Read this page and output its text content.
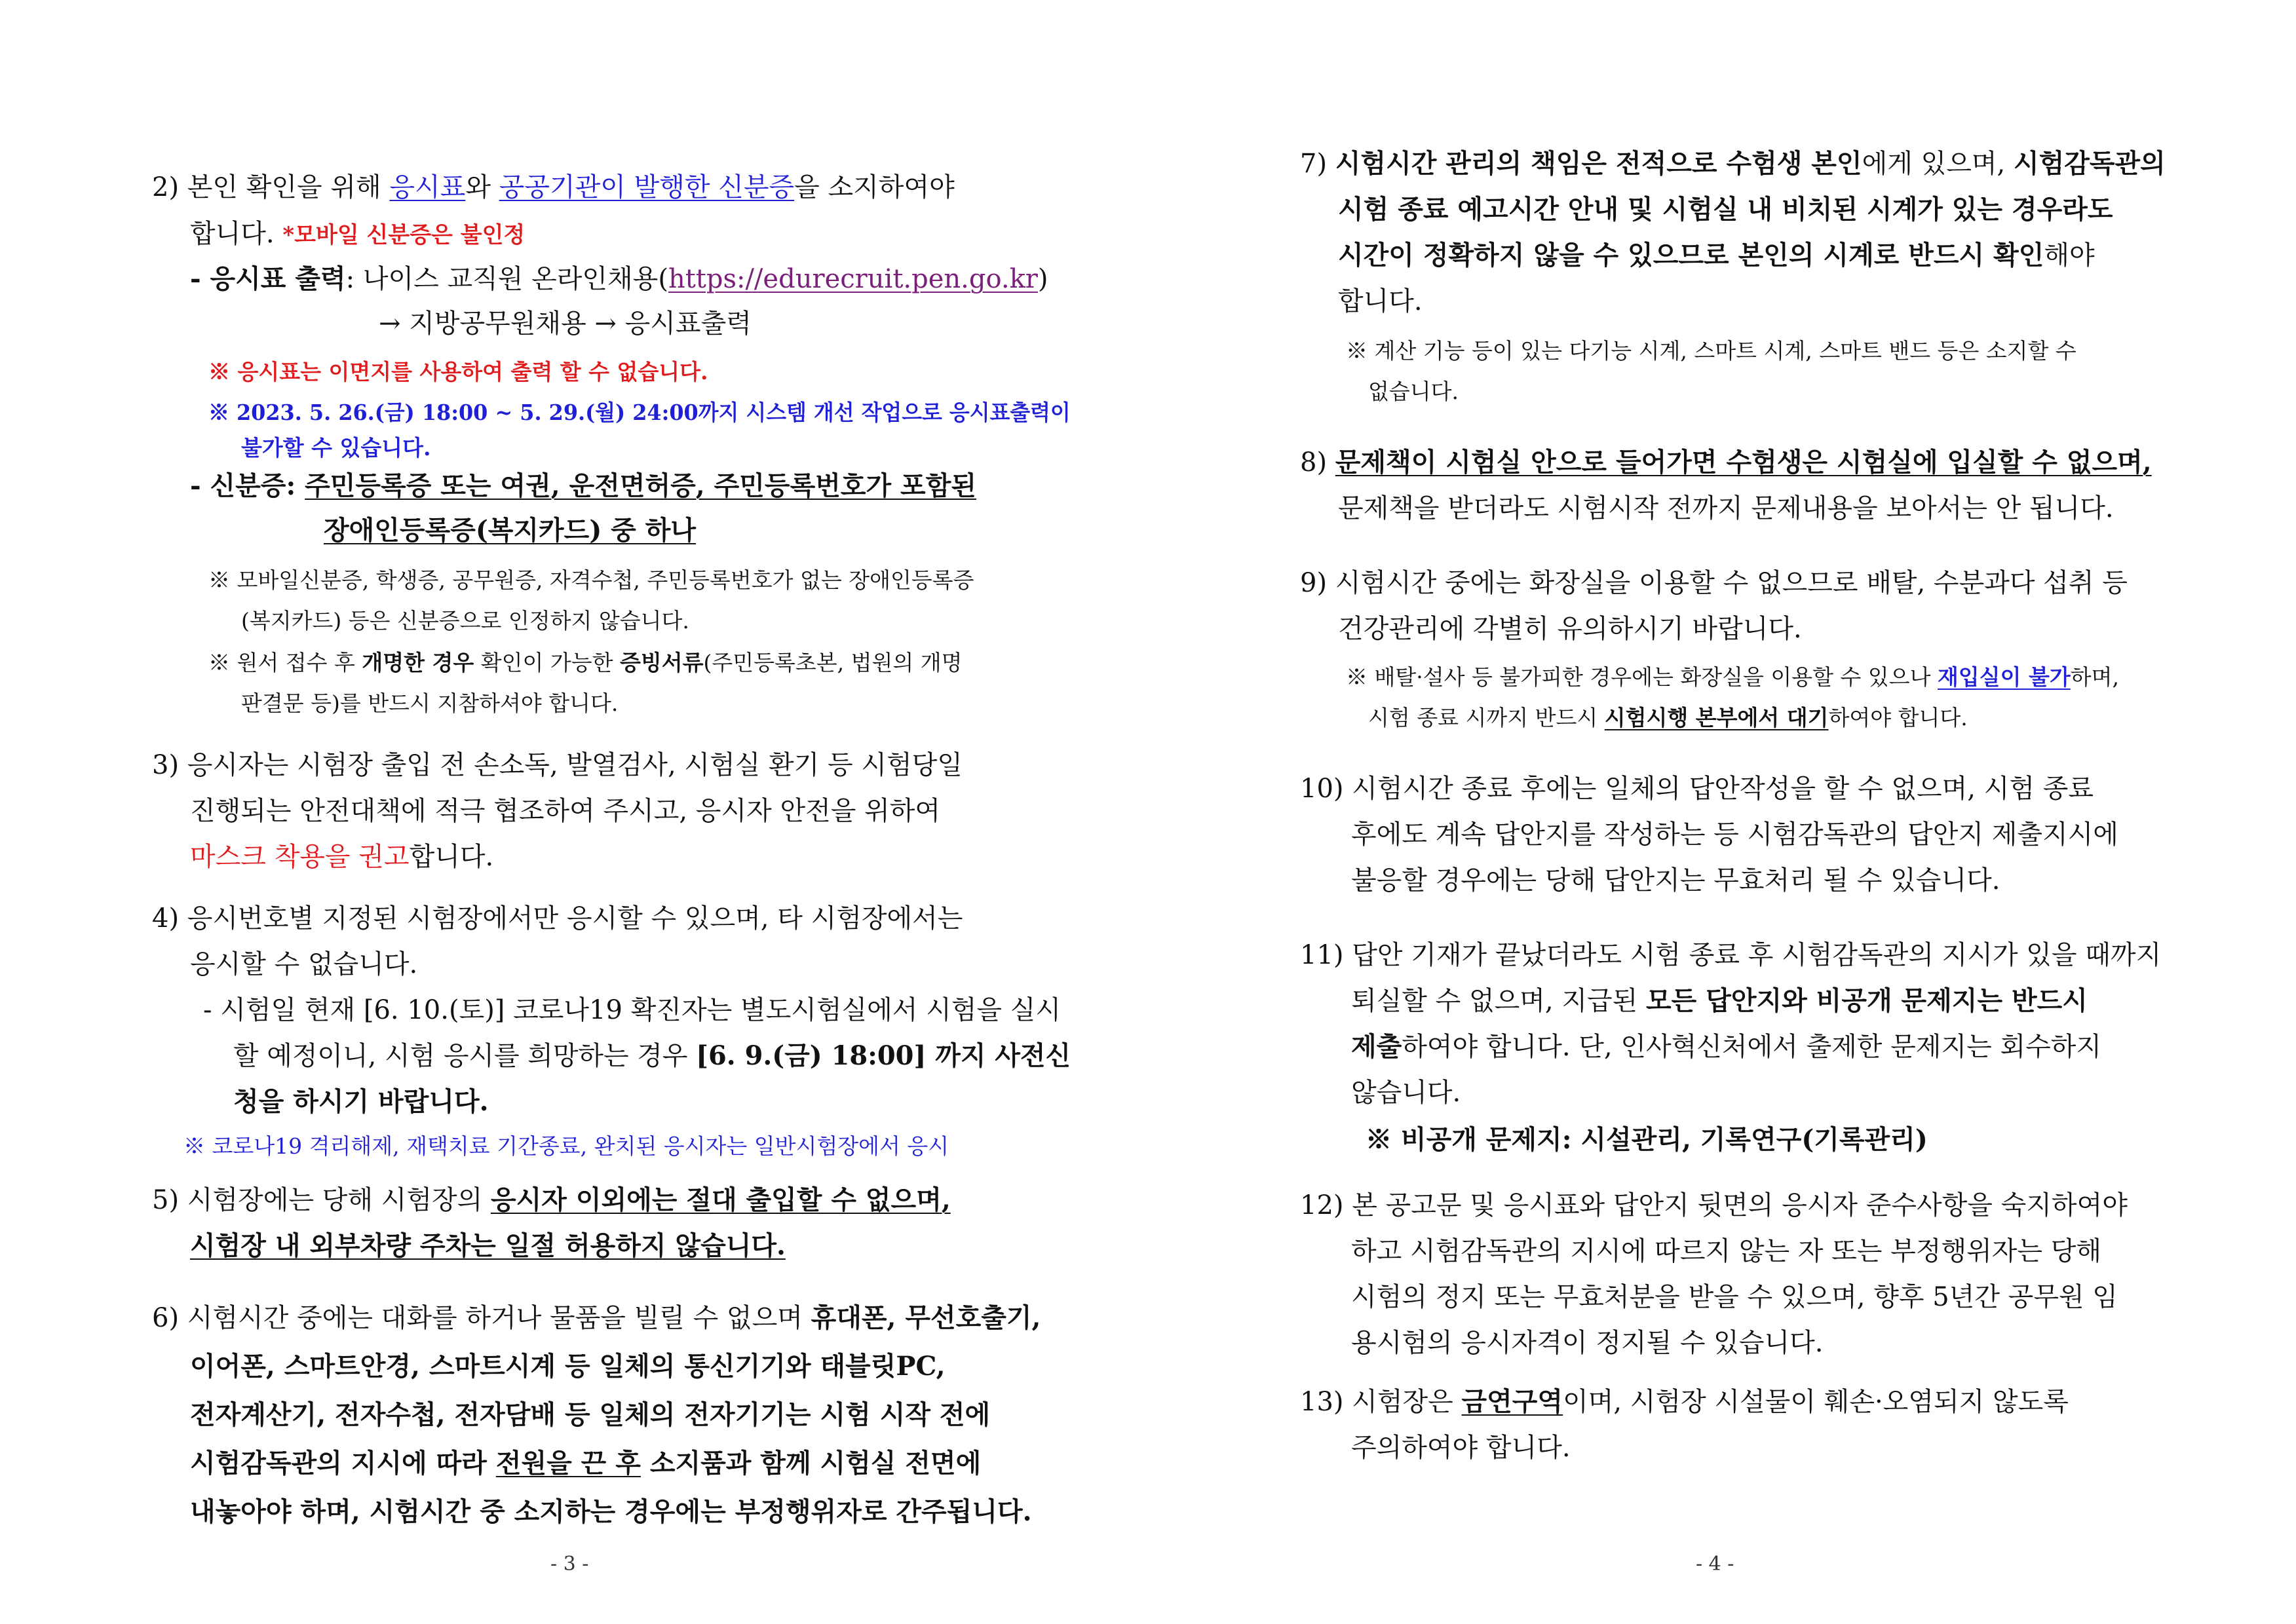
2) 본인 확인을 위해 응시표와 공공기관이 발행한 신분증을 소지하여야
합니다. *모바일 신분증은 불인정
- 응시표 출력: 나이스 교직원 온라인채용(https://edurecruit.pen.go.kr)
→ 지방공무원채용 → 응시표출력
※ 응시표는 이면지를 사용하여 출력 할 수 없습니다.
※ 2023. 5. 26.(금) 18:00 ~ 5. 29.(월) 24:00까지 시스템 개선 작업으로 응시표출력이
불가할 수 있습니다.
- 신분증: 주민등록증 또는 여권, 운전면허증, 주민등록번호가 포함된
장애인등록증(복지카드) 중 하나
※ 모바일신분증, 학생증, 공무원증, 자격수첩, 주민등록번호가 없는 장애인등록증
(복지카드) 등은 신분증으로 인정하지 않습니다.
※ 원서 접수 후 개명한 경우 확인이 가능한 증빙서류(주민등록초본, 법원의 개명
판결문 등)를 반드시 지참하셔야 합니다.
3) 응시자는 시험장 출입 전 손소독, 발열검사, 시험실 환기 등 시험당일
진행되는 안전대책에 적극 협조하여 주시고, 응시자 안전을 위하여
마스크 착용을 권고합니다.
4) 응시번호별 지정된 시험장에서만 응시할 수 있으며, 타 시험장에서는
응시할 수 없습니다.
- 시험일 현재 [6. 10.(토)] 코로나19 확진자는 별도시험실에서 시험을 실시
할 예정이니, 시험 응시를 희망하는 경우 [6. 9.(금) 18:00] 까지 사전신
청을 하시기 바랍니다.
※ 코로나19 격리해제, 재택치료 기간종료, 완치된 응시자는 일반시험장에서 응시
5) 시험장에는 당해 시험장의 응시자 이외에는 절대 출입할 수 없으며,
시험장 내 외부차량 주차는 일절 허용하지 않습니다.
6) 시험시간 중에는 대화를 하거나 물품을 빌릴 수 없으며 휴대폰, 무선호출기,
이어폰, 스마트안경, 스마트시계 등 일체의 통신기기와 태블릿PC,
전자계산기, 전자수첩, 전자담배 등 일체의 전자기기는 시험 시작 전에
시험감독관의 지시에 따라 전원을 끈 후 소지품과 함께 시험실 전면에
내놓아야 하며, 시험시간 중 소지하는 경우에는 부정행위자로 간주됩니다.
- 3 -
7) 시험시간 관리의 책임은 전적으로 수험생 본인에게 있으며, 시험감독관의
시험 종료 예고시간 안내 및 시험실 내 비치된 시계가 있는 경우라도
시간이 정확하지 않을 수 있으므로 본인의 시계로 반드시 확인해야
합니다.
※ 계산 기능 등이 있는 다기능 시계, 스마트 시계, 스마트 밴드 등은 소지할 수
없습니다.
8) 문제책이 시험실 안으로 들어가면 수험생은 시험실에 입실할 수 없으며,
문제책을 받더라도 시험시작 전까지 문제내용을 보아서는 안 됩니다.
9) 시험시간 중에는 화장실을 이용할 수 없으므로 배탈, 수분과다 섭취 등
건강관리에 각별히 유의하시기 바랍니다.
※ 배탈·설사 등 불가피한 경우에는 화장실을 이용할 수 있으나 재입실이 불가하며,
시험 종료 시까지 반드시 시험시행 본부에서 대기하여야 합니다.
10) 시험시간 종료 후에는 일체의 답안작성을 할 수 없으며, 시험 종료
후에도 계속 답안지를 작성하는 등 시험감독관의 답안지 제출지시에
불응할 경우에는 당해 답안지는 무효처리 될 수 있습니다.
11) 답안 기재가 끝났더라도 시험 종료 후 시험감독관의 지시가 있을 때까지
퇴실할 수 없으며, 지급된 모든 답안지와 비공개 문제지는 반드시
제출하여야 합니다. 단, 인사혁신처에서 출제한 문제지는 회수하지
않습니다.
※ 비공개 문제지: 시설관리, 기록연구(기록관리)
12) 본 공고문 및 응시표와 답안지 뒷면의 응시자 준수사항을 숙지하여야
하고 시험감독관의 지시에 따르지 않는 자 또는 부정행위자는 당해
시험의 정지 또는 무효처분을 받을 수 있으며, 향후 5년간 공무원 임
용시험의 응시자격이 정지될 수 있습니다.
13) 시험장은 금연구역이며, 시험장 시설물이 훼손·오염되지 않도록
주의하여야 합니다.
- 4 -
